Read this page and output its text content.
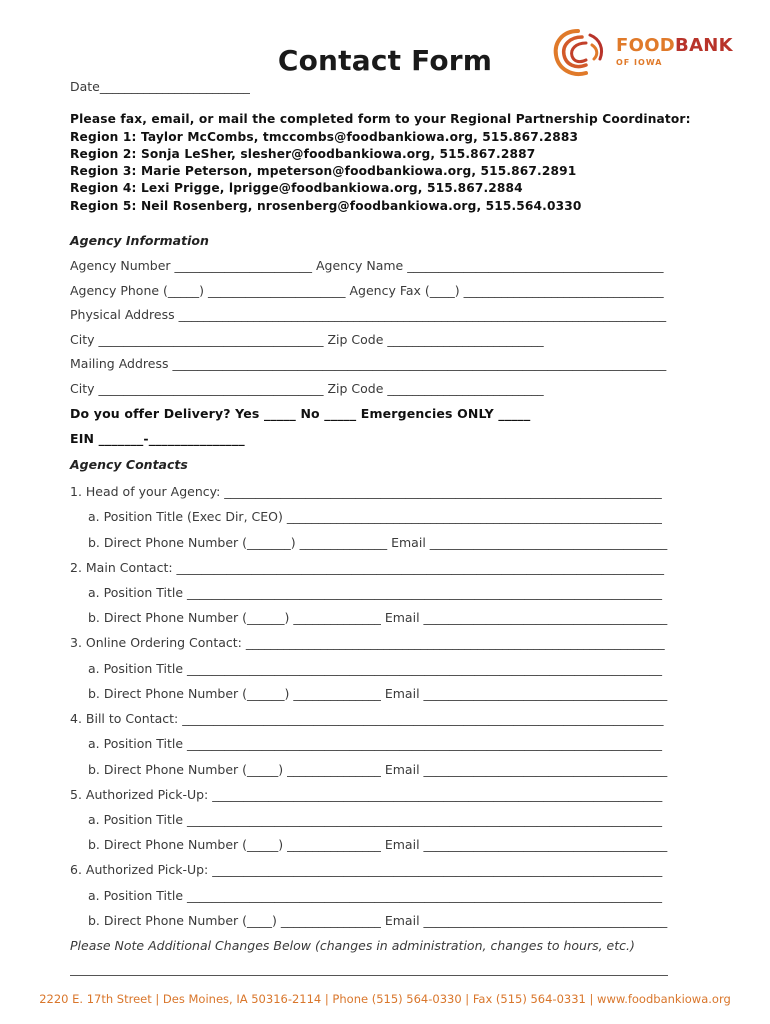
Contact Form	FOODBANK
OF IOWA
Date________________________
Please fax, email, or mail the completed form to your Regional Partnership Coordinator:
Region 1: Taylor McCombs, tmccombs@foodbankiowa.org, 515.867.2883
Region 2: Sonja LeSher, slesher@foodbankiowa.org, 515.867.2887
Region 3: Marie Peterson, mpeterson@foodbankiowa.org, 515.867.2891
Region 4: Lexi Prigge, lprigge@foodbankiowa.org, 515.867.2884
Region 5: Neil Rosenberg, nrosenberg@foodbankiowa.org, 515.564.0330
Agency Information
Agency Number ______________________ Agency Name _________________________________________
Agency Phone (_____) ______________________ Agency Fax (____) ________________________________
Physical Address ______________________________________________________________________________
City ____________________________________ Zip Code _________________________
Mailing Address _______________________________________________________________________________
City ____________________________________ Zip Code _________________________
Do you offer Delivery? Yes _____ No _____ Emergencies ONLY _____
EIN _______-_______________
Agency Contacts
1. Head of your Agency: ______________________________________________________________________
a. Position Title (Exec Dir, CEO) ____________________________________________________________
b. Direct Phone Number (_______) ______________ Email ______________________________________
2. Main Contact: ______________________________________________________________________________
a. Position Title ____________________________________________________________________________
b. Direct Phone Number (______) ______________ Email _______________________________________
3. Online Ordering Contact: ___________________________________________________________________
a. Position Title ____________________________________________________________________________
b. Direct Phone Number (______) ______________ Email _______________________________________
4. Bill to Contact: _____________________________________________________________________________
a. Position Title ____________________________________________________________________________
b. Direct Phone Number (_____) _______________ Email _______________________________________
5. Authorized Pick-Up: ________________________________________________________________________
a. Position Title ____________________________________________________________________________
b. Direct Phone Number (_____) _______________ Email _______________________________________
6. Authorized Pick-Up: ________________________________________________________________________
a. Position Title ____________________________________________________________________________
b. Direct Phone Number (____) ________________ Email _______________________________________
Please Note Additional Changes Below (changes in administration, changes to hours, etc.)
2220 E. 17th Street | Des Moines, IA 50316-2114 | Phone (515) 564-0330 | Fax (515) 564-0331 | www.foodbankiowa.org
